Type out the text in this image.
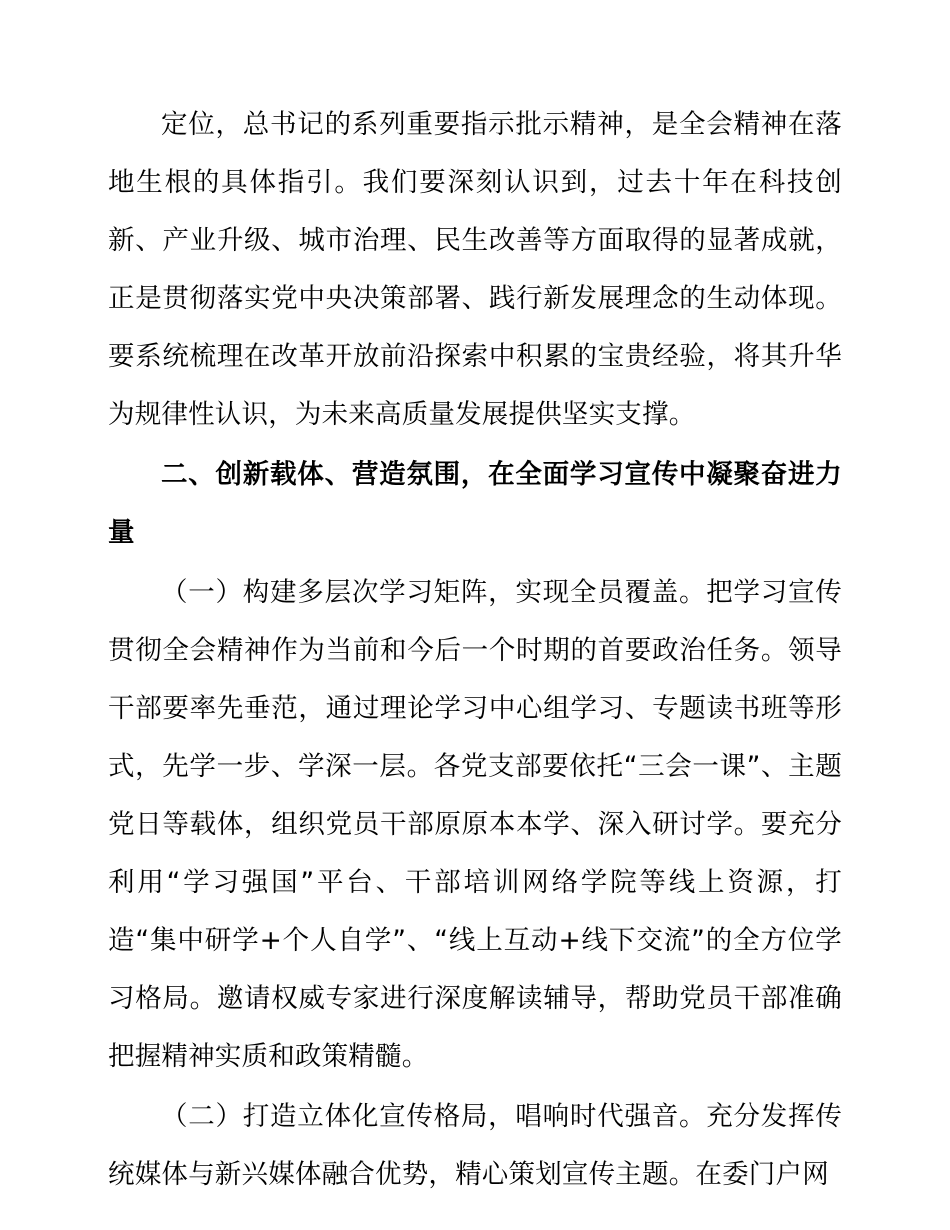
定位，总书记的系列重要指示批示精神，是全会精神在落地生根的具体指引。我们要深刻认识到，过去十年在科技创新、产业升级、城市治理、民生改善等方面取得的显著成就，正是贯彻落实党中央决策部署、践行新发展理念的生动体现。要系统梳理在改革开放前沿探索中积累的宝贵经验，将其升华为规律性认识，为未来高质量发展提供坚实支撑。

二、创新载体、营造氛围，在全面学习宣传中凝聚奋进力量

（一）构建多层次学习矩阵，实现全员覆盖。把学习宣传贯彻全会精神作为当前和今后一个时期的首要政治任务。领导干部要率先垂范，通过理论学习中心组学习、专题读书班等形式，先学一步、学深一层。各党支部要依托“三会一课”、主题党日等载体，组织党员干部原原本本学、深入研讨学。要充分利用“学习强国”平台、干部培训网络学院等线上资源，打造“集中研学+个人自学”、“线上互动+线下交流”的全方位学习格局。邀请权威专家进行深度解读辅导，帮助党员干部准确把握精神实质和政策精髓。

（二）打造立体化宣传格局，唱响时代强音。充分发挥传统媒体与新兴媒体融合优势，精心策划宣传主题。在委门户网
